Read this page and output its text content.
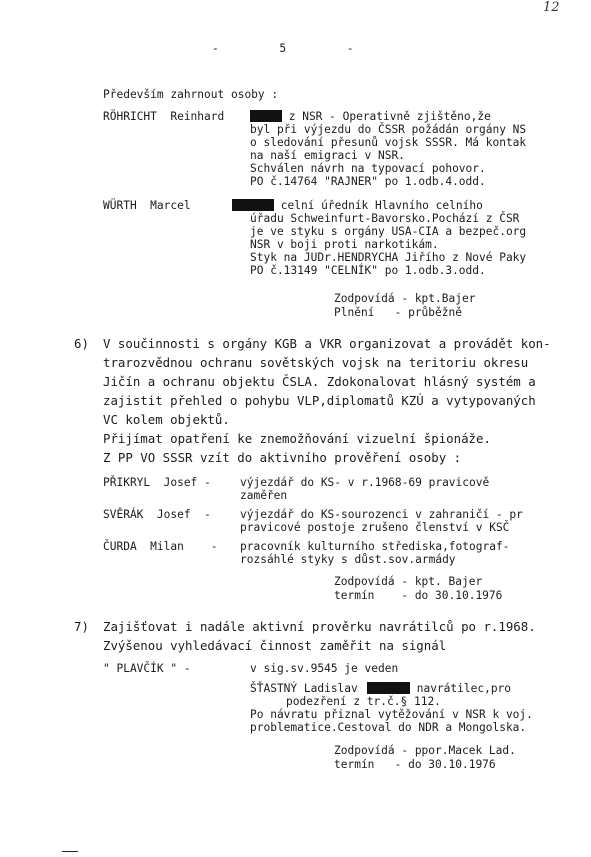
12
-         5         -
Především zahrnout osoby :
RÖHRICHT  Reinhard	z NSR - Operativně zjištěno,že
byl při výjezdu do ČSSR požádán orgány NS
o sledování přesunů vojsk SSSR. Má kontak
na naší emigraci v NSR.
Schválen návrh na typovací pohovor.
PO č.14764 "RAJNER" po 1.odb.4.odd.
WÜRTH  Marcel	celní úředník Hlavního celního
úřadu Schweinfurt-Bavorsko.Pochází z ČSR
je ve styku s orgány USA-CIA a bezpeč.org
NSR v boji proti narkotikám.
Styk na JUDr.HENDRYCHA Jiřího z Nové Paky
PO č.13149 "CELNÍK" po 1.odb.3.odd.
Zodpovídá - kpt.Bajer
Plnění   - průběžně
6) V součinnosti s orgány KGB a VKR organizovat a provádět kon-
trarozvědnou ochranu sovětských vojsk na teritoriu okresu
Jičín a ochranu objektu ČSLA. Zdokonalovat hlásný systém a
zajistit přehled o pohybu VLP,diplomatů KZÚ a vytypovaných
VC kolem objektů.
Přijímat opatření ke znemožňování vizuelní špionáže.
Z PP VO SSSR vzít do aktivního prověření osoby :
PŘIKRYL  Josef -	výjezdář do KS- v r.1968-69 pravicově
zaměřen
SVĚRÁK  Josef  -	výjezdář do KS-sourozenci v zahraničí - pr
pravicové postoje zrušeno členství v KSČ
ČURDA  Milan    - pracovník kulturního střediska,fotograf-
rozsáhlé styky s důst.sov.armády
Zodpovídá - kpt. Bajer
termín    - do 30.10.1976
7) Zajišťovat i nadále aktivní prověrku navrátilců po r.1968.
Zvýšenou vyhledávací činnost zaměřit na signál
" PLAVČÍK " -	v sig.sv.9545 je veden
ŠŤASTNÝ Ladislav	navrátilec,pro
podezření z tr.č.§ 112.
Po návratu přiznal vytěžování v NSR k voj.
problematice.Cestoval do NDR a Mongolska.
Zodpovídá - ppor.Macek Lad.
termín   - do 30.10.1976
